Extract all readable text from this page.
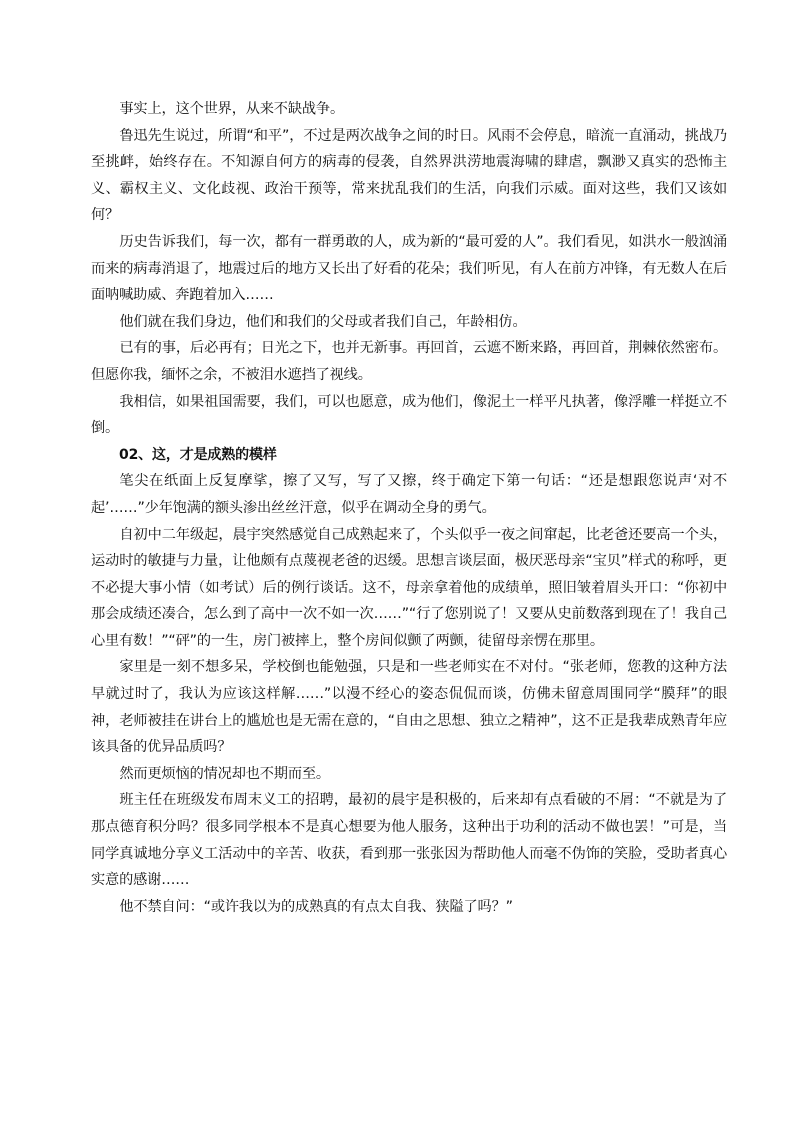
事实上，这个世界，从来不缺战争。

鲁迅先生说过，所谓“和平”，不过是两次战争之间的时日。风雨不会停息，暗流一直涌动，挑战乃至挑衅，始终存在。不知源自何方的病毒的侵袭，自然界洪涝地震海啸的肆虐，飘渺又真实的恐怖主义、霸权主义、文化歧视、政治干预等，常来扰乱我们的生活，向我们示威。面对这些，我们又该如何？

历史告诉我们，每一次，都有一群勇敢的人，成为新的“最可爱的人”。我们看见，如洪水一般汹涌而来的病毒消退了，地震过后的地方又长出了好看的花朵；我们听见，有人在前方冲锋，有无数人在后面呐喊助威、奔跑着加入……

他们就在我们身边，他们和我们的父母或者我们自己，年龄相仿。

已有的事，后必再有；日光之下，也并无新事。再回首，云遮不断来路，再回首，荆棘依然密布。但愿你我，缅怀之余，不被泪水遮挡了视线。

我相信，如果祖国需要，我们，可以也愿意，成为他们，像泥土一样平凡执著，像浮雕一样挺立不倒。

02、这，才是成熟的模样

笔尖在纸面上反复摩挲，擦了又写，写了又擦，终于确定下第一句话：“还是想跟您说声‘对不起’……”少年饱满的额头渗出丝丝汗意，似乎在调动全身的勇气。

自初中二年级起，晨宇突然感觉自己成熟起来了，个头似乎一夜之间窜起，比老爸还要高一个头，运动时的敏捷与力量，让他颇有点蔑视老爸的迟缓。思想言谈层面，极厌恶母亲“宝贝”样式的称呼，更不必提大事小情（如考试）后的例行谈话。这不，母亲拿着他的成绩单，照旧皱着眉头开口：“你初中那会成绩还凑合，怎么到了高中一次不如一次……”“行了您别说了！又要从史前数落到现在了！我自己心里有数！”“砰”的一生，房门被摔上，整个房间似颤了两颤，徒留母亲愣在那里。

家里是一刻不想多呆，学校倒也能勉强，只是和一些老师实在不对付。“张老师，您教的这种方法早就过时了，我认为应该这样解……”以漫不经心的姿态侃侃而谈，仿佛未留意周围同学“膜拜”的眼神，老师被挂在讲台上的尴尬也是无需在意的，“自由之思想、独立之精神”，这不正是我辈成熟青年应该具备的优异品质吗？

然而更烦恼的情况却也不期而至。

班主任在班级发布周末义工的招聘，最初的晨宇是积极的，后来却有点看破的不屑：“不就是为了那点德育积分吗？很多同学根本不是真心想要为他人服务，这种出于功利的活动不做也罢！”可是，当同学真诚地分享义工活动中的辛苦、收获，看到那一张张因为帮助他人而毫不伪饰的笑脸，受助者真心实意的感谢……

他不禁自问：“或许我以为的成熟真的有点太自我、狭隘了吗？”
